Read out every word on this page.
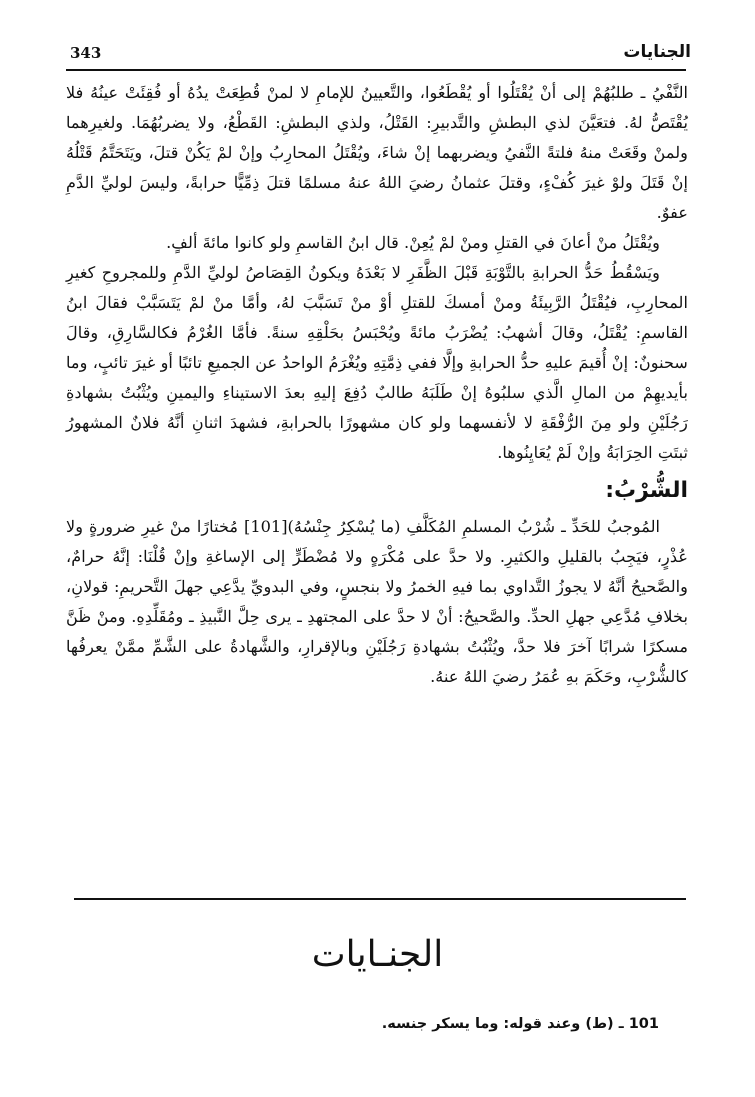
343	الجنايات

النَّفْيُ ـ طلبُهُمْ إلى أنْ يُقْتَلُوا أو يُقْطَعُوا، والتَّعيينُ للإمامِ لا لمنْ قُطِعَتْ يدُهُ أو فُقِئَتْ عينُهُ فلا يُقْتَصُّ لهُ. فتعَيَّنَ لذي البطشِ والتَّدبيرِ: القَتْلُ، ولذي البطشِ: القَطْعُ، ولا يضربُهُمَا. ولغيرِهما ولمنْ وقَعَتْ منهُ فلتةً النَّفيُ ويضربهما إنْ شاءَ، ويُقْتَلُ المحارِبُ وإنْ لمْ يَكُنْ قتلَ، ويَتَحَتَّمُ قَتْلُهُ إنْ قَتَلَ ولوْ غيرَ كُفْءٍ، وقتلَ عثمانُ رضيَ اللهُ عنهُ مسلمًا قتلَ ذِمِّيًّا حرابةً، وليسَ لوليِّ الدَّمِ عفوٌ.

ويُقْتَلُ منْ أعانَ في القتلِ ومنْ لمْ يُعِنْ. قال ابنُ القاسمِ ولو كانوا مائةَ ألفٍ.

ويَسْقُطُ حَدُّ الحرابةِ بالتَّوْبَةِ قَبْلَ الظَّفَرِ لا بَعْدَهُ ويكونُ القِصَاصُ لوليِّ الدَّمِ وللمجروحِ كغيرِ المحارِبِ، فيُقْتَلُ الرَّبِيئَةُ ومنْ أمسكَ للقتلِ أوْ منْ تَسَبَّبَ لهُ، وأمَّا منْ لمْ يَتَسَبَّبْ فقالَ ابنُ القاسمِ: يُقْتَلُ، وقالَ أشهبُ: يُضْرَبُ مائةً ويُحْبَسُ بحَلْقِهِ سنةً. فأمَّا الغُرْمُ فكالسَّارِقِ، وقالَ سحنونٌ: إنْ أُقيمَ عليهِ حدُّ الحرابةِ وإلَّا ففي ذِمَّتِهِ ويُغْرَمُ الواحدُ عن الجميعِ تائبًا أو غيرَ تائبٍ، وما بأيديهِمْ من المالِ الَّذي سلبُوهُ إنْ طَلَبَهُ طالبٌ دُفِعَ إليهِ بعدَ الاستيناءِ واليمينِ ويُثْبُتُ بشهادةِ رَجُلَيْنِ ولو مِنَ الرُّفْقَةِ لا لأنفسهما ولو كان مشهورًا بالحرابةِ، فشهدَ اثنانِ أنَّهُ فلانٌ المشهورُ ثبتَتِ الحِرَابَةُ وإنْ لَمْ يُعَايِنُوها.

الشُّرْبُ:

المُوجبُ للحَدِّ ـ شُرْبُ المسلمِ المُكَلَّفِ (ما يُسْكِرُ جِنْسُهُ)[101] مُختارًا منْ غيرِ ضرورةٍ ولا عُذْرٍ، فيَجِبُ بالقليلِ والكثيرِ. ولا حدَّ على مُكْرَهٍ ولا مُضْطَرٍّ إلى الإساغةِ وإنْ قُلْنَا: إنَّهُ حرامٌ، والصَّحيحُ أنَّهُ لا يجوزُ التَّداوي بما فيهِ الخمرُ ولا بنجسٍ، وفي البدويِّ يدَّعِي جهلَ التَّحريمِ: قولانِ، بخلافِ مُدَّعِي جهلِ الحدِّ. والصَّحيحُ: أنْ لا حدَّ على المجتهدِ ـ يرى حِلَّ النَّبيذِ ـ ومُقَلِّدِهِ. ومنْ ظَنَّ مسكرًا شرابًا آخرَ فلا حدَّ، ويُثْبُتُ بشهادةِ رَجُلَيْنِ وبالإقرارِ، والشَّهادةُ على الشَّمِّ ممَّنْ يعرفُها كالشُّرْبِ، وحَكَمَ بهِ عُمَرُ رضيَ اللهُ عنهُ.

الجنـايات
101 ـ (ط) وعند قوله: وما يسكر جنسه.
